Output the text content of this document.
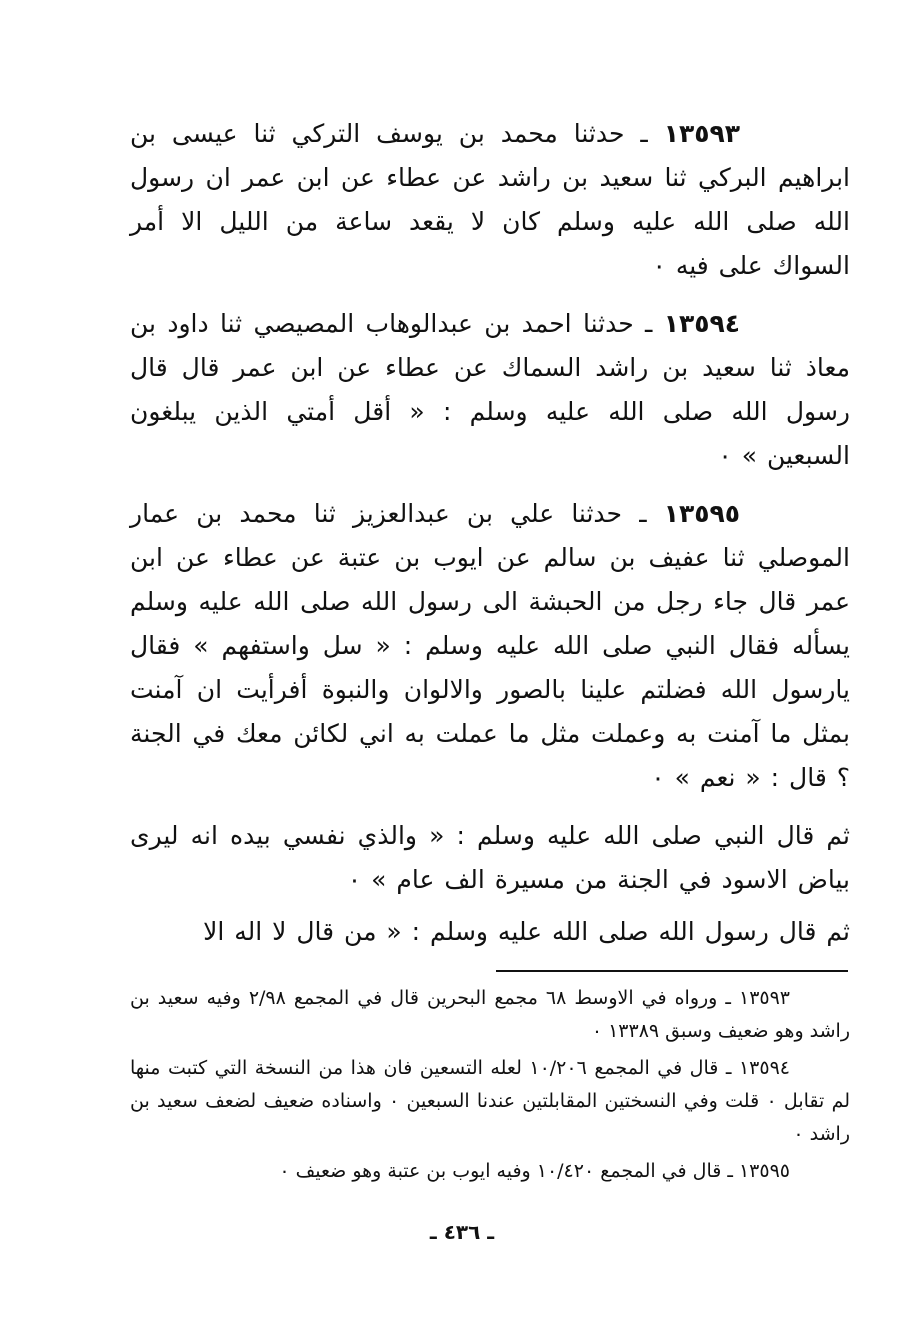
١٣٥٩٣ ـ حدثنا محمد بن يوسف التركي ثنا عيسى بن ابراهيم البركي ثنا سعيد بن راشد عن عطاء عن ابن عمر ان رسول الله صلى الله عليه وسلم كان لا يقعد ساعة من الليل الا أمر السواك على فيه ٠

١٣٥٩٤ ـ حدثنا احمد بن عبدالوهاب المصيصي ثنا داود بن معاذ ثنا سعيد بن راشد السماك عن عطاء عن ابن عمر قال قال رسول الله صلى الله عليه وسلم : « أقل أمتي الذين يبلغون السبعين » ٠

١٣٥٩٥ ـ حدثنا علي بن عبدالعزيز ثنا محمد بن عمار الموصلي ثنا عفيف بن سالم عن ايوب بن عتبة عن عطاء عن ابن عمر قال جاء رجل من الحبشة الى رسول الله صلى الله عليه وسلم يسأله فقال النبي صلى الله عليه وسلم : « سل واستفهم » فقال يارسول الله فضلتم علينا بالصور والالوان والنبوة أفرأيت ان آمنت بمثل ما آمنت به وعملت مثل ما عملت به اني لكائن معك في الجنة ؟ قال : « نعم » ٠

ثم قال النبي صلى الله عليه وسلم : « والذي نفسي بيده انه ليرى بياض الاسود في الجنة من مسيرة الف عام » ٠

ثم قال رسول الله صلى الله عليه وسلم : « من قال لا اله الا

١٣٥٩٣ ـ ورواه في الاوسط ٦٨ مجمع البحرين قال في المجمع ٢/٩٨ وفيه سعيد بن راشد وهو ضعيف وسبق ١٣٣٨٩ ٠

١٣٥٩٤ ـ قال في المجمع ١٠/٢٠٦ لعله التسعين فان هذا من النسخة التي كتبت منها لم تقابل ٠ قلت وفي النسختين المقابلتين عندنا السبعين ٠ واسناده ضعيف لضعف سعيد بن راشد ٠

١٣٥٩٥ ـ قال في المجمع ١٠/٤٢٠ وفيه ايوب بن عتبة وهو ضعيف ٠

ـ ٤٣٦ ـ
